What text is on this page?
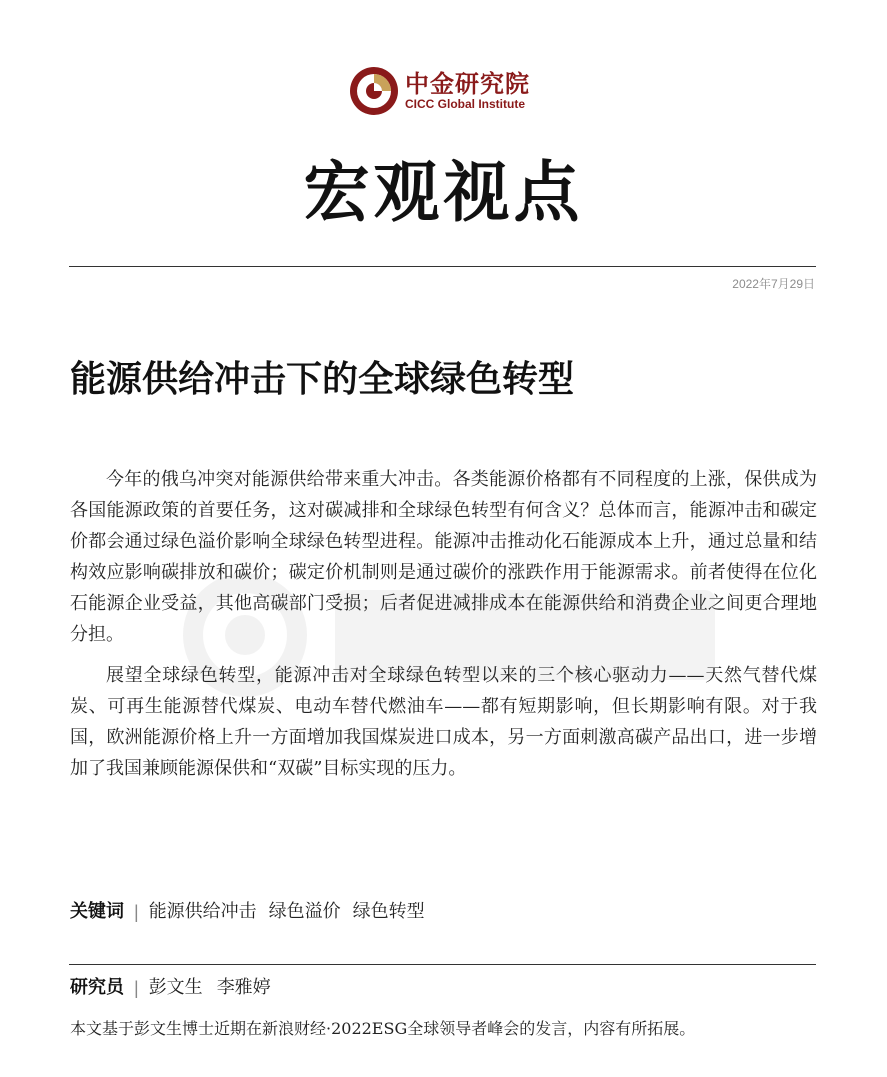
中金研究院
CICC Global Institute
宏观视点
2022年7月29日
能源供给冲击下的全球绿色转型

今年的俄乌冲突对能源供给带来重大冲击。各类能源价格都有不同程度的上涨，保供成为各国能源政策的首要任务，这对碳减排和全球绿色转型有何含义？总体而言，能源冲击和碳定价都会通过绿色溢价影响全球绿色转型进程。能源冲击推动化石能源成本上升，通过总量和结构效应影响碳排放和碳价；碳定价机制则是通过碳价的涨跌作用于能源需求。前者使得在位化石能源企业受益，其他高碳部门受损；后者促进减排成本在能源供给和消费企业之间更合理地分担。

展望全球绿色转型，能源冲击对全球绿色转型以来的三个核心驱动力——天然气替代煤炭、可再生能源替代煤炭、电动车替代燃油车——都有短期影响，但长期影响有限。对于我国，欧洲能源价格上升一方面增加我国煤炭进口成本，另一方面刺激高碳产品出口，进一步增加了我国兼顾能源保供和“双碳”目标实现的压力。

关键词 | 能源供给冲击 绿色溢价 绿色转型
研究员 | 彭文生 李雅婷
本文基于彭文生博士近期在新浪财经·2022ESG全球领导者峰会的发言，内容有所拓展。
